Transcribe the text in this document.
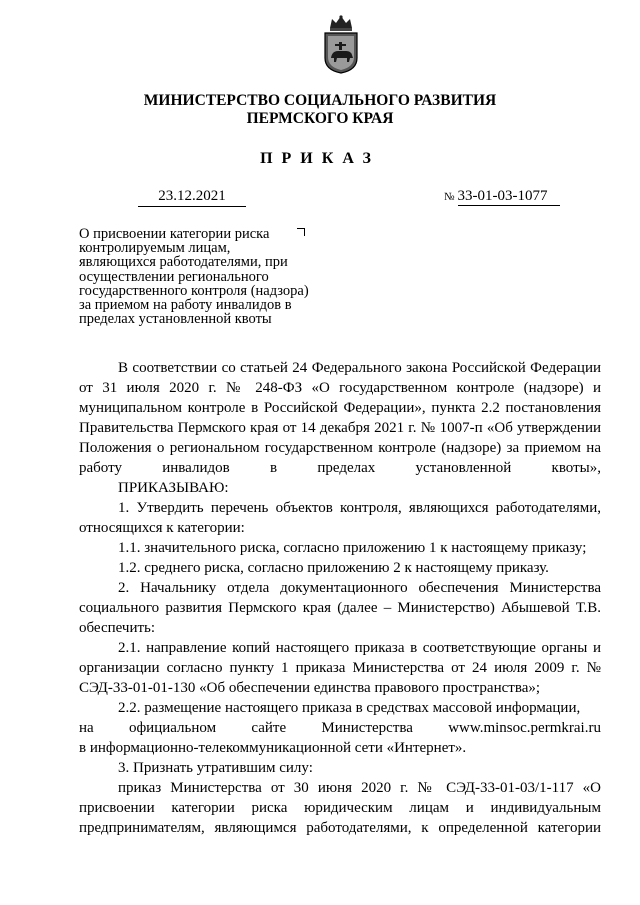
МИНИСТЕРСТВО СОЦИАЛЬНОГО РАЗВИТИЯ
ПЕРМСКОГО КРАЯ
ПРИКАЗ
23.12.2021	№ 33-01-03-1077
О присвоении категории риска контролируемым лицам, являющихся работодателями, при осуществлении регионального государственного контроля (надзора) за приемом на работу инвалидов в пределах установленной квоты

В соответствии со статьей 24 Федерального закона Российской Федерации от 31 июля 2020 г. № 248-ФЗ «О государственном контроле (надзоре) и муниципальном контроле в Российской Федерации», пункта 2.2 постановления Правительства Пермского края от 14 декабря 2021 г. № 1007-п «Об утверждении Положения о региональном государственном контроле (надзоре) за приемом на работу инвалидов в пределах установленной квоты»,

ПРИКАЗЫВАЮ:

1. Утвердить перечень объектов контроля, являющихся работодателями, относящихся к категории:

1.1. значительного риска, согласно приложению 1 к настоящему приказу;

1.2. среднего риска, согласно приложению 2 к настоящему приказу.

2. Начальнику отдела документационного обеспечения Министерства социального развития Пермского края (далее – Министерство) Абышевой Т.В. обеспечить:

2.1. направление копий настоящего приказа в соответствующие органы и организации согласно пункту 1 приказа Министерства от 24 июля 2009 г. № СЭД-33-01-01-130 «Об обеспечении единства правового пространства»;

2.2. размещение настоящего приказа в средствах массовой информации,

на официальном сайте Министерства www.minsoc.permkrai.ru

в информационно-телекоммуникационной сети «Интернет».

3. Признать утратившим силу:

приказ Министерства от 30 июня 2020 г. № СЭД-33-01-03/1-117 «О присвоении категории риска юридическим лицам и индивидуальным предпринимателям, являющимся работодателями, к определенной категории
